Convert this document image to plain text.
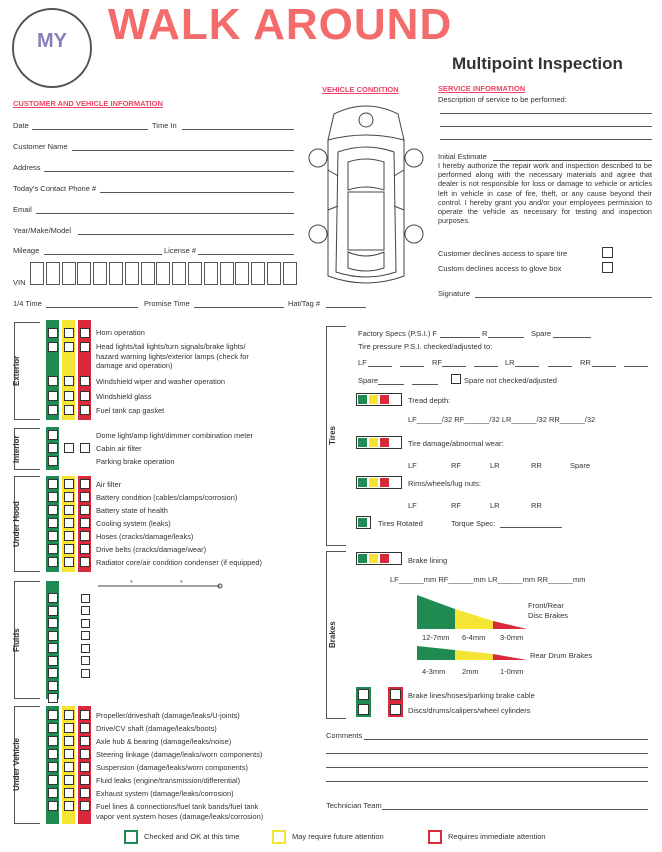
MY WALK AROUND
Multipoint Inspection
CUSTOMER AND VEHICLE INFORMATION
Date	Time In
Customer Name
Address
Today's Contact Phone #
Email
Year/Make/Model
Mileage	License #
VIN
1/4 Time	Promise Time	Hat/Tag #
VEHICLE CONDITION	SERVICE INFORMATION
Description of service to be performed:
Initial Estimate
I hereby authorize the repair work and inspection described to be performed along with the necessary materials and agree that dealer is not responsible for loss or damage to vehicle or articles left in vehicle in case of fire, theft, or any cause beyond their control. I hereby grant you and/or your employees permission to operate the vehicle as necessary for testing and inspection purposes.
Customer declines access to spare tire
Custom declines access to glove box
Signature
Exterior
Horn operation
Head lights/tail lights/turn signals/brake lights/
hazard warning lights/exterior lamps (check for
damage and operation)
Windshield wiper and washer operation
Windshield glass
Fuel tank cap gasket
Interior	Dome light/amp light/dimmer combination meter
Cabin air filter
Parking brake operation
Under Hood
Air filter
Battery condition (cables/clamps/corrosion)
Battery state of health
Cooling system (leaks)
Hoses (cracks/damage/leaks)
Drive belts (cracks/damage/wear)
Radiator core/air condition condenser (if equipped)
Fluids
*	*
Under Vehicle
Propeller/driveshaft (damage/leaks/U-joints)
Drive/CV shaft (damage/leaks/boots)
Axle hub & bearing (damage/leaks/noise)
Steering linkage (damage/leaks/worn components)
Suspension (damage/leaks/worn components)
Fluid leaks (engine/transmission/differential)
Exhaust system (damage/leaks/corrosion)
Fuel lines & connections/fuel tank bands/fuel tank
vapor vent system hoses (damage/leaks/corrosion)
Tires
Factory Specs (P.S.I.) F	R	Spare
Tire pressure P.S.I. checked/adjusted to:
LF	RF	LR	RR
Spare	Spare not checked/adjusted
Tread depth:
LF______/32 RF______/32 LR______/32 RR______/32
Tire damage/abnormal wear:
LF	RF	LR	RR	Spare
Rims/wheels/lug nuts:
LF	RF	LR	RR
Tires Rotated	Torque Spec:
Brakes
Brake lining
LF______mm RF______mm LR______mm RR______mm
Front/Rear
Disc Brakes
12-7mm 6-4mm 3-0mm
Rear Drum Brakes
4-3mm 2mm	1-0mm
Brake lines/hoses/parking brake cable
Discs/drums/calipers/wheel cylinders
Comments
Technician Team
Checked and OK at this time	May require future attention	Requires immediate attention
